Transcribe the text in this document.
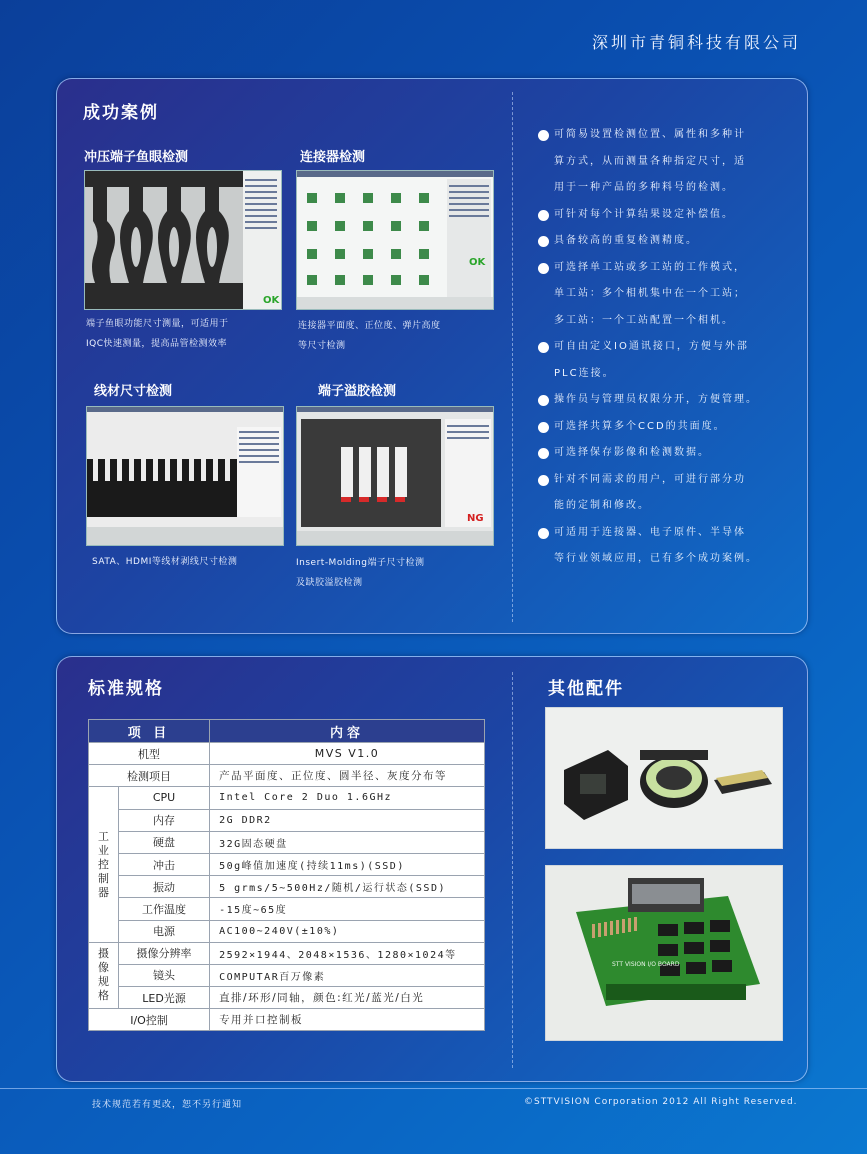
深圳市青铜科技有限公司
成功案例
冲压端子鱼眼检测
OK
端子鱼眼功能尺寸测量，可适用于
IQC快速测量，提高品管检测效率
连接器检测
OK
连接器平面度、正位度、弹片高度
等尺寸检测
线材尺寸检测
SATA、HDMI等线材剥线尺寸检测
端子溢胶检测
NG
Insert-Molding端子尺寸检测
及缺胶溢胶检测
可简易设置检测位置、属性和多种计
算方式，从而测量各种指定尺寸，适
用于一种产品的多种料号的检测。
可针对每个计算结果设定补偿值。
具备较高的重复检测精度。
可选择单工站或多工站的工作模式，
单工站：多个相机集中在一个工站；
多工站：一个工站配置一个相机。
可自由定义IO通讯接口，方便与外部
PLC连接。
操作员与管理员权限分开，方便管理。
可选择共算多个CCD的共面度。
可选择保存影像和检测数据。
针对不同需求的用户，可进行部分功
能的定制和修改。
可适用于连接器、电子原件、半导体
等行业领域应用，已有多个成功案例。
标准规格	其他配件
项 目		内容
机型		MVS V1.0
检测项目		产品平面度、正位度、圆半径、灰度分布等

工
业
控
制
器	CPU	Intel Core 2 Duo 1.6GHz
	内存	2G DDR2
	硬盘	32G固态硬盘
	冲击	50g峰值加速度(持续11ms)(SSD)
	振动	5 grms/5~500Hz/随机/运行状态(SSD)
	工作温度	-15度~65度
	电源	AC100~240V(±10%)

摄
像
规
格	摄像分辨率	2592×1944、2048×1536、1280×1024等
	镜头	COMPUTAR百万像素
	LED光源	直排/环形/同轴，颜色:红光/蓝光/白光
I/O控制		专用并口控制板
STT VISION I/O BOARD
技术规范若有更改，恕不另行通知	©STTVISION Corporation 2012 All Right Reserved.
